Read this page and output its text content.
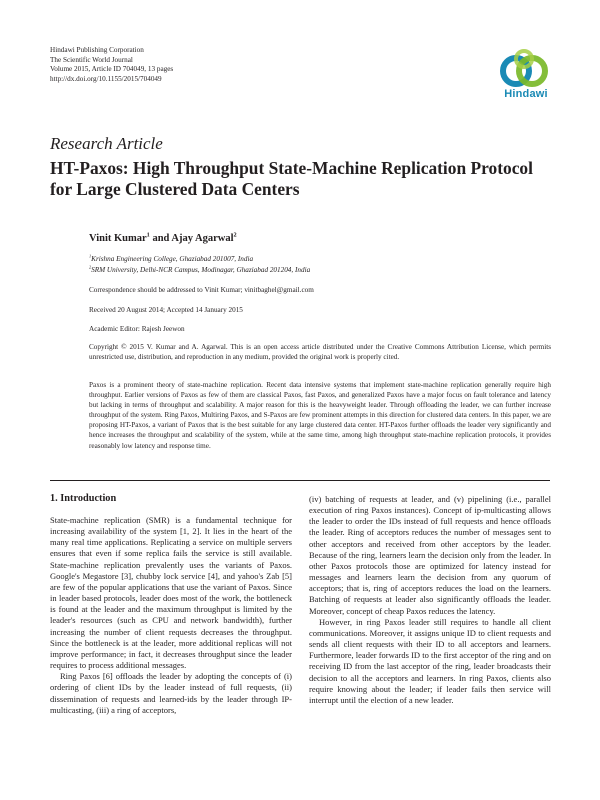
Hindawi Publishing Corporation
The Scientific World Journal
Volume 2015, Article ID 704049, 13 pages
http://dx.doi.org/10.1155/2015/704049
Hindawi
Research Article
HT-Paxos: High Throughput State-Machine Replication Protocol for Large Clustered Data Centers
Vinit Kumar$^1$ and Ajay Agarwal$^2$
$^1$Krishna Engineering College, Ghaziabad 201007, India
$^2$SRM University, Delhi-NCR Campus, Modinagar, Ghaziabad 201204, India
Correspondence should be addressed to Vinit Kumar; vinitbaghel@gmail.com
Received 20 August 2014; Accepted 14 January 2015
Academic Editor: Rajesh Jeewon
Copyright © 2015 V. Kumar and A. Agarwal. This is an open access article distributed under the Creative Commons Attribution License, which permits unrestricted use, distribution, and reproduction in any medium, provided the original work is properly cited.
Paxos is a prominent theory of state-machine replication. Recent data intensive systems that implement state-machine replication generally require high throughput. Earlier versions of Paxos as few of them are classical Paxos, fast Paxos, and generalized Paxos have a major focus on fault tolerance and latency but lacking in terms of throughput and scalability. A major reason for this is the heavyweight leader. Through offloading the leader, we can further increase throughput of the system. Ring Paxos, Multiring Paxos, and S-Paxos are few prominent attempts in this direction for clustered data centers. In this paper, we are proposing HT-Paxos, a variant of Paxos that is the best suitable for any large clustered data center. HT-Paxos further offloads the leader very significantly and hence increases the throughput and scalability of the system, while at the same time, among high throughput state-machine replication protocols, it provides reasonably low latency and response time.
1. Introduction

State-machine replication (SMR) is a fundamental technique for increasing availability of the system [1, 2]. It lies in the heart of the many real time applications. Replicating a service on multiple servers ensures that even if some replica fails the service is still available. State-machine replication prevalently uses the variants of Paxos. Google's Megastore [3], chubby lock service [4], and yahoo's Zab [5] are few of the popular applications that use the variant of Paxos. Since in leader based protocols, leader does most of the work, the bottleneck is found at the leader and the maximum throughput is limited by the leader's resources (such as CPU and network bandwidth), further increasing the number of client requests decreases the throughput. Since the bottleneck is at the leader, more additional replicas will not improve performance; in fact, it decreases throughput since the leader requires to process additional messages.

Ring Paxos [6] offloads the leader by adopting the concepts of (i) ordering of client IDs by the leader instead of full requests, (ii) dissemination of requests and learned-ids by the leader through IP-multicasting, (iii) a ring of acceptors,

(iv) batching of requests at leader, and (v) pipelining (i.e., parallel execution of ring Paxos instances). Concept of ip-multicasting allows the leader to order the IDs instead of full requests and hence offloads the leader. Ring of acceptors reduces the number of messages sent to other acceptors and received from other acceptors by the leader. Because of the ring, learners learn the decision only from the leader. In other Paxos protocols those are optimized for latency instead for messages and learners learn the decision from any quorum of acceptors; that is, ring of acceptors reduces the load on the learners. Batching of requests at leader also significantly offloads the leader. Moreover, concept of cheap Paxos reduces the latency.

However, in ring Paxos leader still requires to handle all client communications. Moreover, it assigns unique ID to client requests and sends all client requests with their ID to all acceptors and learners. Furthermore, leader forwards ID to the first acceptor of the ring and on receiving ID from the last acceptor of the ring, leader broadcasts their decision to all the acceptors and learners. In ring Paxos, clients also require knowing about the leader; if leader fails then service will interrupt until the election of a new leader.
